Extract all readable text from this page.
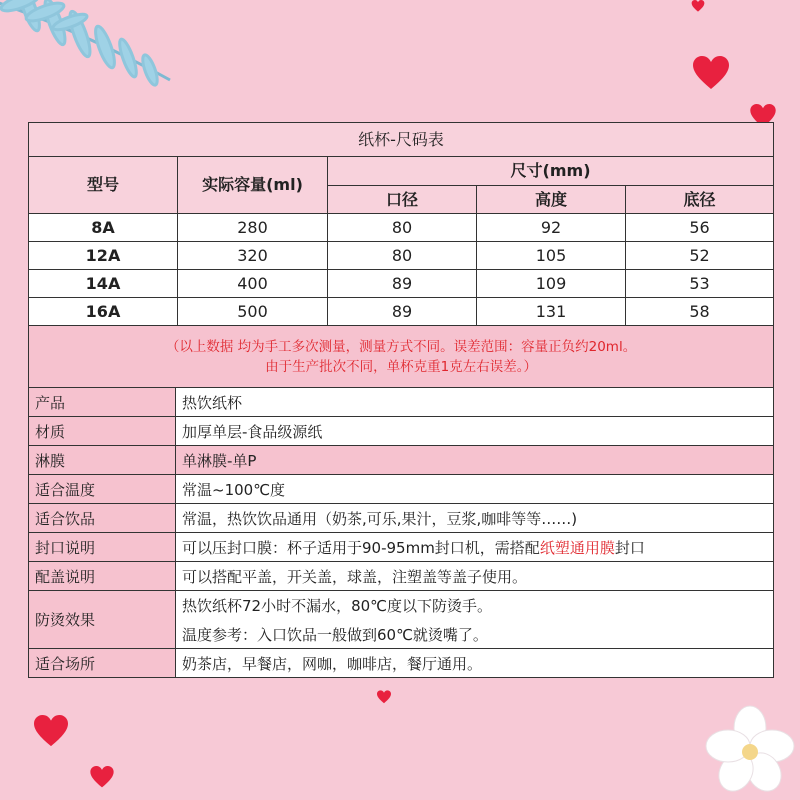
纸杯-尺码表				
型号	实际容量(ml)	尺寸(mm)		
		口径	高度	底径
8A	280	80	92	56
12A	320	80	105	52
14A	400	89	109	53
16A	500	89	131	58
（以上数据 均为手工多次测量，测量方式不同。误差范围：容量正负约20ml。
由于生产批次不同，单杯克重1克左右误差。）				
产品	热饮纸杯
材质	加厚单层-食品级源纸
淋膜	单淋膜-单P
适合温度	常温~100℃度
适合饮品	常温，热饮饮品通用（奶茶,可乐,果汁，豆浆,咖啡等等……)
封口说明	可以压封口膜：杯子适用于90-95mm封口机，需搭配纸塑通用膜封口
配盖说明	可以搭配平盖，开关盖，球盖，注塑盖等盖子使用。
防烫效果	热饮纸杯72小时不漏水，80℃度以下防烫手。
温度参考：入口饮品一般做到60℃就烫嘴了。

适合场所	奶茶店，早餐店，网咖，咖啡店，餐厅通用。
